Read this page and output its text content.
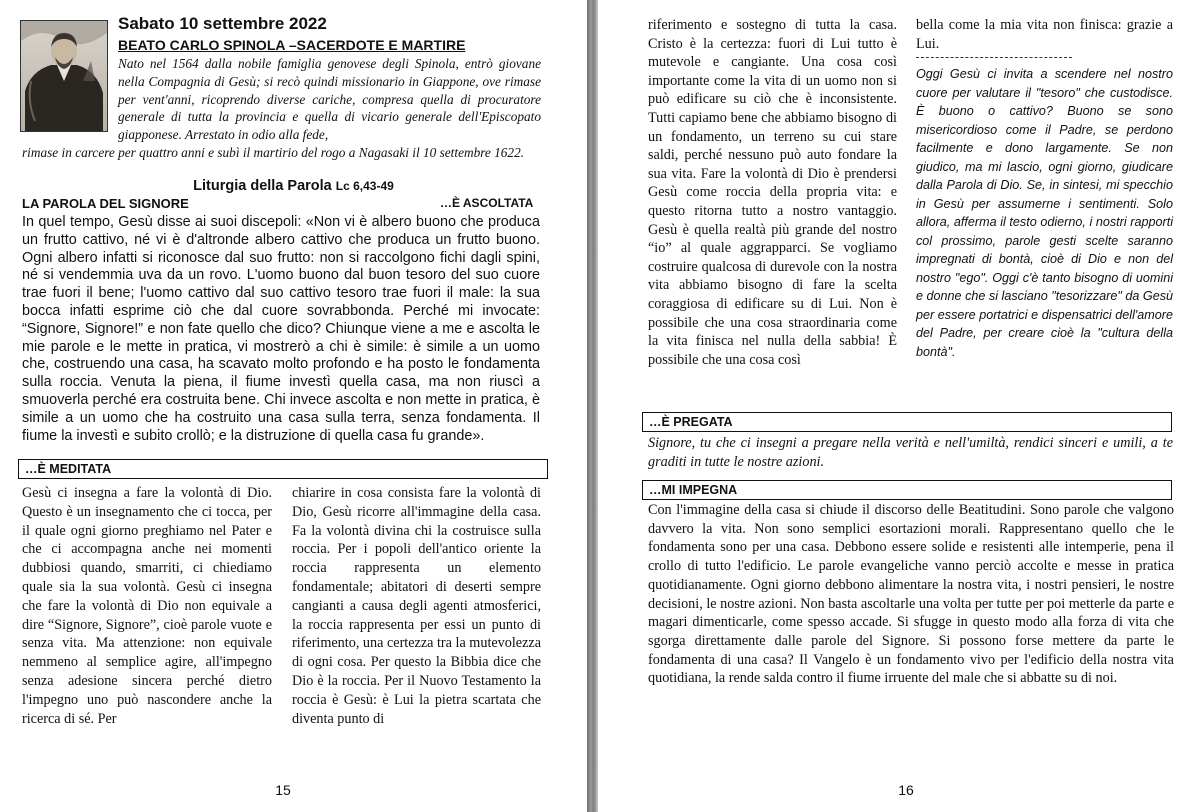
Sabato 10 settembre 2022
BEATO CARLO SPINOLA –SACERDOTE E MARTIRE
Nato nel 1564 dalla nobile famiglia genovese degli Spinola, entrò giovane nella Compagnia di Gesù; si recò quindi missionario in Giappone, ove rimase per vent'anni, ricoprendo diverse cariche, compresa quella di procuratore generale di tutta la provincia e quella di vicario generale dell'Episcopato giapponese. Arrestato in odio alla fede,
rimase in carcere per quattro anni e subì il martirio del rogo a Nagasaki il 10 settembre 1622.
Liturgia della Parola Lc 6,43-49
LA PAROLA DEL SIGNORE	…È ASCOLTATA
In quel tempo, Gesù disse ai suoi discepoli: «Non vi è albero buono che produca un frutto cattivo, né vi è d'altronde albero cattivo che produca un frutto buono. Ogni albero infatti si riconosce dal suo frutto: non si raccolgono fichi dagli spini, né si vendemmia uva da un rovo. L'uomo buono dal buon tesoro del suo cuore trae fuori il bene; l'uomo cattivo dal suo cattivo tesoro trae fuori il male: la sua bocca infatti esprime ciò che dal cuore sovrabbonda. Perché mi invocate: “Signore, Signore!” e non fate quello che dico? Chiunque viene a me e ascolta le mie parole e le mette in pratica, vi mostrerò a chi è simile: è simile a un uomo che, costruendo una casa, ha scavato molto profondo e ha posto le fondamenta sulla roccia. Venuta la piena, il fiume investì quella casa, ma non riuscì a smuoverla perché era costruita bene. Chi invece ascolta e non mette in pratica, è simile a un uomo che ha costruito una casa sulla terra, senza fondamenta. Il fiume la investì e subito crollò; e la distruzione di quella casa fu grande».
…È MEDITATA
Gesù ci insegna a fare la volontà di Dio. Questo è un insegnamento che ci tocca, per il quale ogni giorno preghiamo nel Pater e che ci accompagna anche nei momenti dubbiosi quando, smarriti, ci chiediamo quale sia la sua volontà. Gesù ci insegna che fare la volontà di Dio non equivale a dire “Signore, Signore”, cioè parole vuote e senza vita. Ma attenzione: non equivale nemmeno al semplice agire, all'impegno senza adesione sincera perché dietro l'impegno uno può nascondere anche la ricerca di sé. Per
chiarire in cosa consista fare la volontà di Dio, Gesù ricorre all'immagine della casa. Fa la volontà divina chi la costruisce sulla roccia. Per i popoli dell'antico oriente la roccia rappresenta un elemento fondamentale; abitatori di deserti sempre cangianti a causa degli agenti atmosferici, la roccia rappresenta per essi un punto di riferimento, una certezza tra la mutevolezza di ogni cosa. Per questo la Bibbia dice che Dio è la roccia. Per il Nuovo Testamento la roccia è Gesù: è Lui la pietra scartata che diventa punto di
15
riferimento e sostegno di tutta la casa. Cristo è la certezza: fuori di Lui tutto è mutevole e cangiante. Una cosa così importante come la vita di un uomo non si può edificare su ciò che è inconsistente. Tutti capiamo bene che abbiamo bisogno di un fondamento, un terreno su cui stare saldi, perché nessuno può auto fondare la sua vita. Fare la volontà di Dio è prendersi Gesù come roccia della propria vita: e questo ritorna tutto a nostro vantaggio. Gesù è quella realtà più grande del nostro “io” al quale aggrapparci. Se vogliamo costruire qualcosa di durevole con la nostra vita abbiamo bisogno di fare la scelta coraggiosa di edificare su di Lui. Non è possibile che una cosa straordinaria come la vita finisca nel nulla della sabbia! È possibile che una cosa così
bella come la mia vita non finisca: grazie a Lui.
Oggi Gesù ci invita a scendere nel nostro cuore per valutare il "tesoro" che custodisce. È buono o cattivo? Buono se sono misericordioso come il Padre, se perdono facilmente e dono largamente. Se non giudico, ma mi lascio, ogni giorno, giudicare dalla Parola di Dio. Se, in sintesi, mi specchio in Gesù per assumerne i sentimenti. Solo allora, afferma il testo odierno, i nostri rapporti col prossimo, parole gesti scelte saranno impregnati di bontà, cioè di Dio e non del nostro "ego". Oggi c'è tanto bisogno di uomini e donne che si lasciano "tesorizzare" da Gesù per essere portatrici e dispensatrici dell'amore del Padre, per creare cioè la "cultura della bontà".
…È PREGATA
Signore, tu che ci insegni a pregare nella verità e nell'umiltà, rendici sinceri e umili, a te graditi in tutte le nostre azioni.
…MI IMPEGNA
Con l'immagine della casa si chiude il discorso delle Beatitudini. Sono parole che valgono davvero la vita. Non sono semplici esortazioni morali. Rappresentano quello che le fondamenta sono per una casa. Debbono essere solide e resistenti alle intemperie, pena il crollo di tutto l'edificio. Le parole evangeliche vanno perciò accolte e messe in pratica quotidianamente. Ogni giorno debbono alimentare la nostra vita, i nostri pensieri, le nostre decisioni, le nostre azioni. Non basta ascoltarle una volta per tutte per poi metterle da parte e magari dimenticarle, come spesso accade. Si sfugge in questo modo alla forza di vita che sgorga direttamente dalle parole del Signore. Si possono forse mettere da parte le fondamenta di una casa? Il Vangelo è un fondamento vivo per l'edificio della nostra vita quotidiana, la rende salda contro il fiume irruente del male che si abbatte su di noi.
16
